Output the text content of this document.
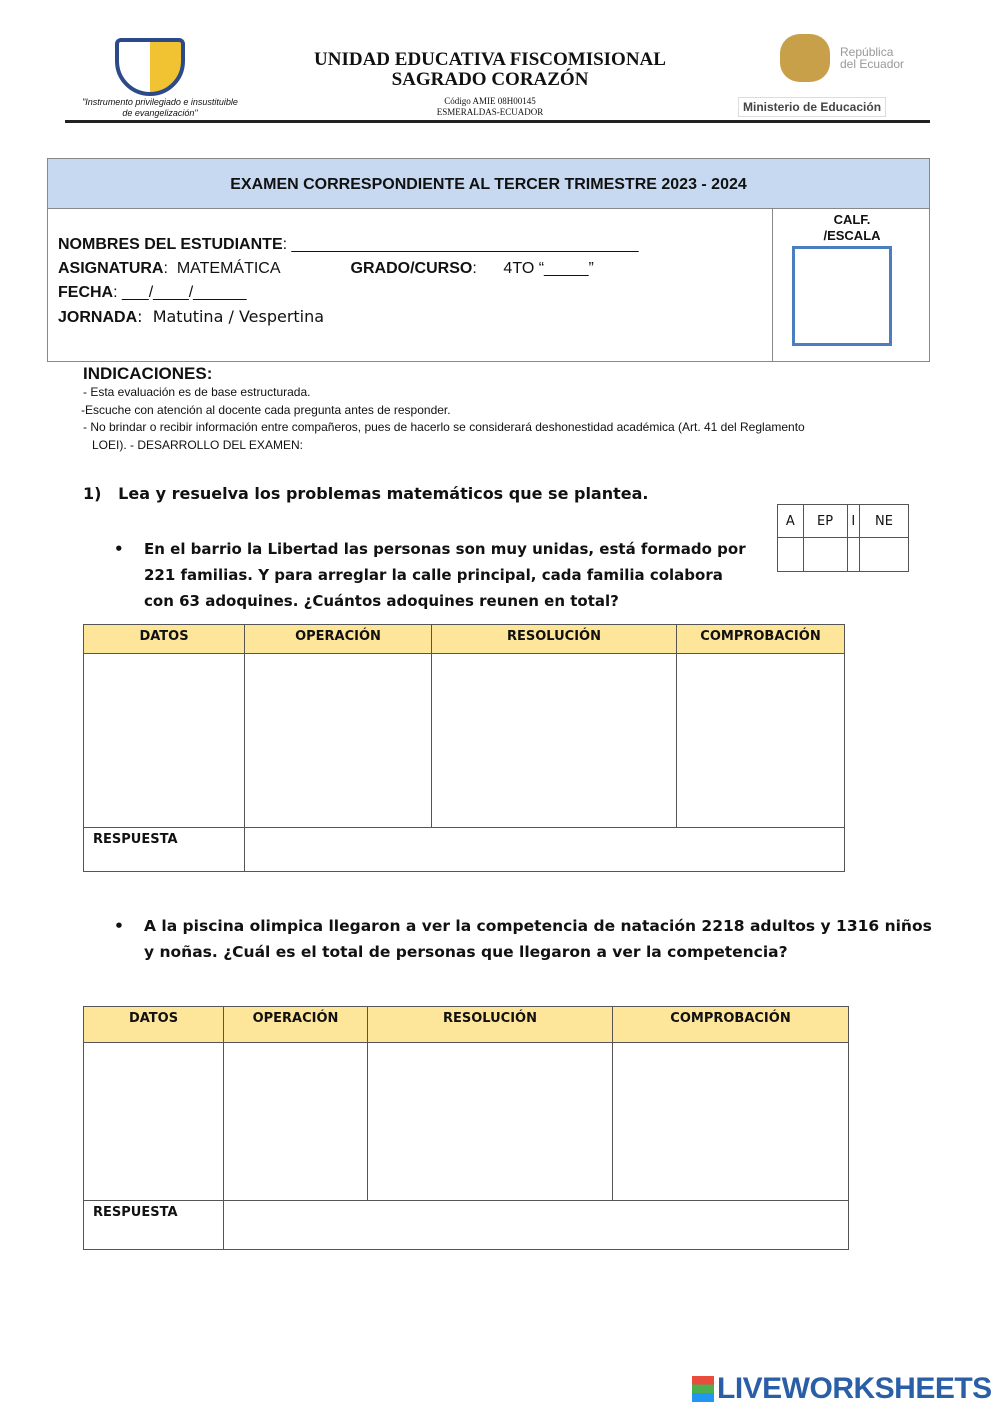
UNIDAD EDUCATIVA FISCOMISIONAL
SAGRADO CORAZÓN
"Instrumento privilegiado e insustituible
de evangelización"
Código AMIE 08H00145
ESMERALDAS-ECUADOR
República
del Ecuador
Ministerio de Educación
EXAMEN CORRESPONDIENTE AL TERCER TRIMESTRE 2023 - 2024
CALF.
/ESCALA
NOMBRES DEL ESTUDIANTE: _______________________________________
ASIGNATURA:  MATEMÁTICA	GRADO/CURSO:      4TO “_____”
FECHA: ___/____/______
JORNADA:  Matutina / Vespertina
INDICACIONES:
- Esta evaluación es de base estructurada.
-Escuche con atención al docente cada pregunta antes de responder.
- No brindar o recibir información entre compañeros, pues de hacerlo se considerará deshonestidad académica (Art. 41 del Reglamento
LOEI). - DESARROLLO DEL EXAMEN:
1) Lea y resuelva los problemas matemáticos que se plantea.
A	EP	I	NE

• En el barrio la Libertad las personas son muy unidas, está formado por 221 familias. Y para arreglar la calle principal, cada familia colabora con 63 adoquines. ¿Cuántos adoquines reunen en total?
DATOS	OPERACIÓN	RESOLUCIÓN	COMPROBACIÓN

RESPUESTA			
• A la piscina olimpica llegaron a ver la competencia de natación 2218 adultos y 1316 niños y noñas. ¿Cuál es el total de personas que llegaron a ver la competencia?
DATOS	OPERACIÓN	RESOLUCIÓN	COMPROBACIÓN

RESPUESTA			
LIVEWORKSHEETS
